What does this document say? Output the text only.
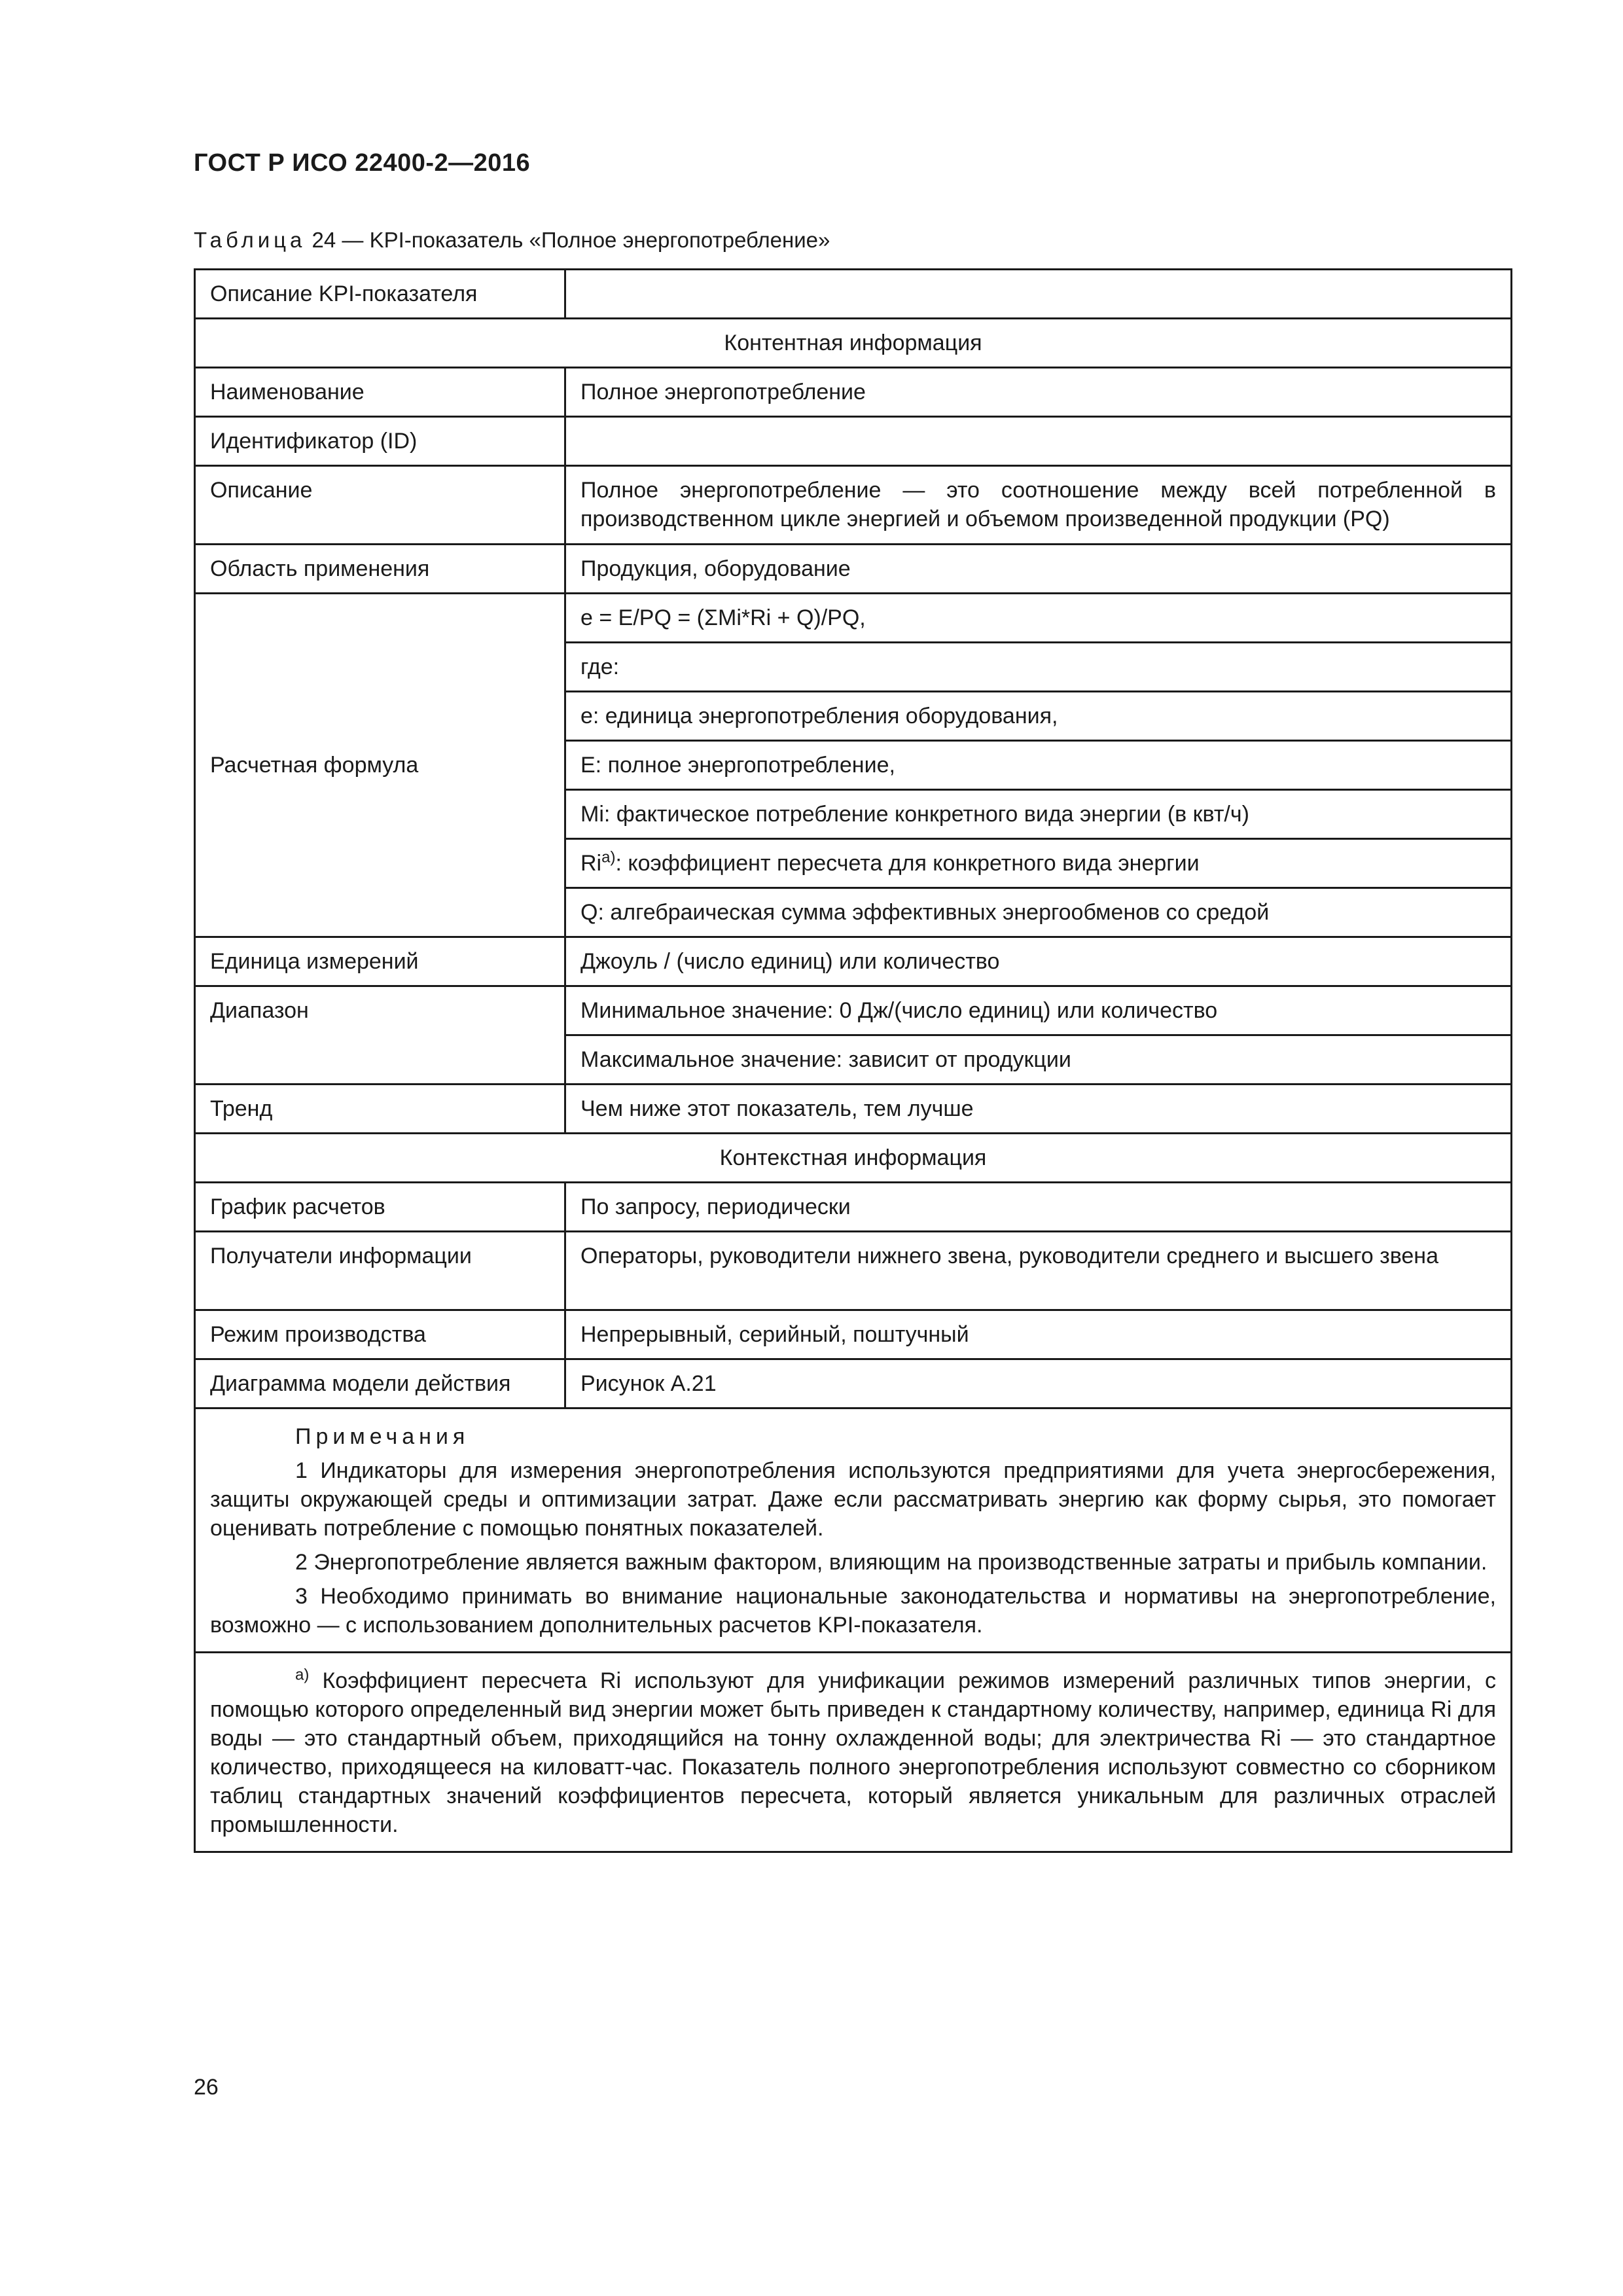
ГОСТ Р ИСО 22400-2—2016
Таблица 24 — KPI-показатель «Полное энергопотребление»
Описание KPI-показателя	
Контентная информация	
Наименование	Полное энергопотребление
Идентификатор (ID)	
Описание	Полное энергопотребление — это соотношение между всей потребленной в производственном цикле энергией и объемом произведенной продукции (PQ)
Область применения	Продукция, оборудование
Расчетная формула	e = E/PQ = (ΣMi*Ri + Q)/PQ,
	где:
	e: единица энергопотребления оборудования,
	E: полное энергопотребление,
	Mi: фактическое потребление конкретного вида энергии (в квт/ч)
	Ri$^{a)}$: коэффициент пересчета для конкретного вида энергии
	Q: алгебраическая сумма эффективных энергообменов со средой
Единица измерений	Джоуль / (число единиц) или количество
Диапазон	Минимальное значение: 0 Дж/(число единиц) или количество
	Максимальное значение: зависит от продукции
Тренд	Чем ниже этот показатель, тем лучше
Контекстная информация	
График расчетов	По запросу, периодически
Получатели информации	Операторы, руководители нижнего звена, руководители среднего и высшего звена
Режим производства	Непрерывный, серийный, поштучный
Диаграмма модели действия	Рисунок А.21

Примечания

1 Индикаторы для измерения энергопотребления используются предприятиями для учета энергосбережения, защиты окружающей среды и оптимизации затрат. Даже если рассматривать энергию как форму сырья, это помогает оценивать потребление с помощью понятных показателей.

2 Энергопотребление является важным фактором, влияющим на производственные затраты и прибыль компании.

3 Необходимо принимать во внимание национальные законодательства и нормативы на энергопотребление, возможно — с использованием дополнительных расчетов KPI-показателя.	

$^{a)}$ Коэффициент пересчета Ri используют для унификации режимов измерений различных типов энергии, с помощью которого определенный вид энергии может быть приведен к стандартному количеству, например, единица Ri для воды — это стандартный объем, приходящийся на тонну охлажденной воды; для электричества Ri — это стандартное количество, приходящееся на киловатт-час. Показатель полного энергопотребления используют совместно со сборником таблиц стандартных значений коэффициентов пересчета, который является уникальным для различных отраслей промышленности.	

26
